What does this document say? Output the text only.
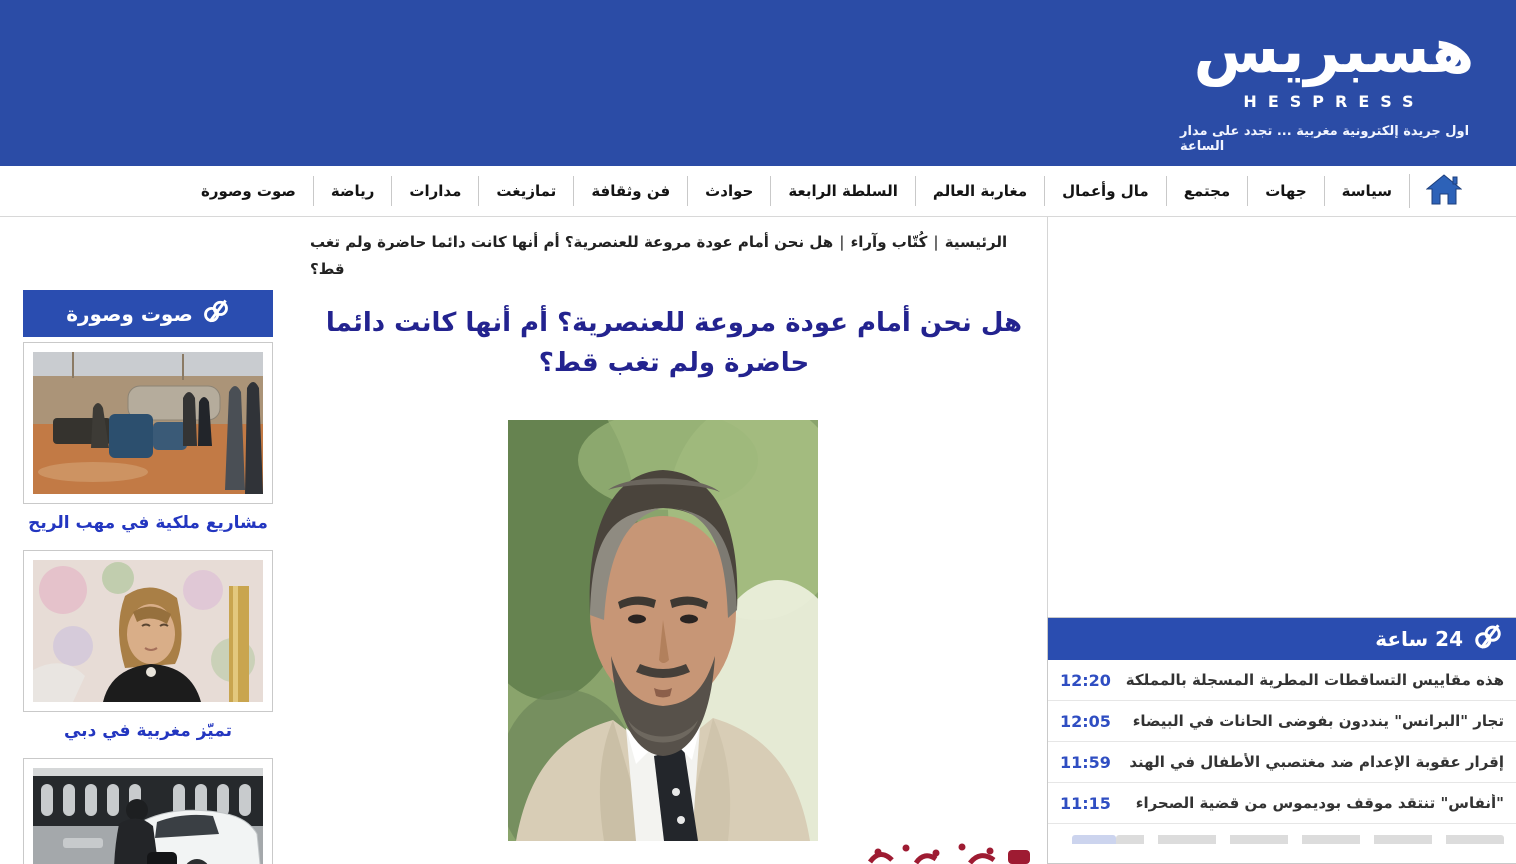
هسبريس
HESPRESS
اول جريدة إلكترونية مغربية ... تجدد على مدار الساعة
سياسة
جهات
مجتمع
مال وأعمال
مغاربة العالم
السلطة الرابعة
حوادث
فن وثقافة
تمازيغت
مدارات
رياضة
صوت وصورة
الرئيسية|كُتّاب وآراء|هل نحن أمام عودة مروعة للعنصرية؟ أم أنها كانت دائما حاضرة ولم تغب قط؟
هل نحن أمام عودة مروعة للعنصرية؟ أم أنها كانت دائما حاضرة ولم تغب قط؟
صوت وصورة
مشاريع ملكية في مهب الريح
تميّز مغربية في دبي
24 ساعة
هذه مقاييس التساقطات المطرية المسجلة بالمملكة
12:20
تجار "البرانس" ينددون بفوضى الحانات في البيضاء
12:05
إقرار عقوبة الإعدام ضد مغتصبي الأطفال في الهند
11:59
"أنفاس" تنتقد موقف بوديموس من قضية الصحراء
11:15
